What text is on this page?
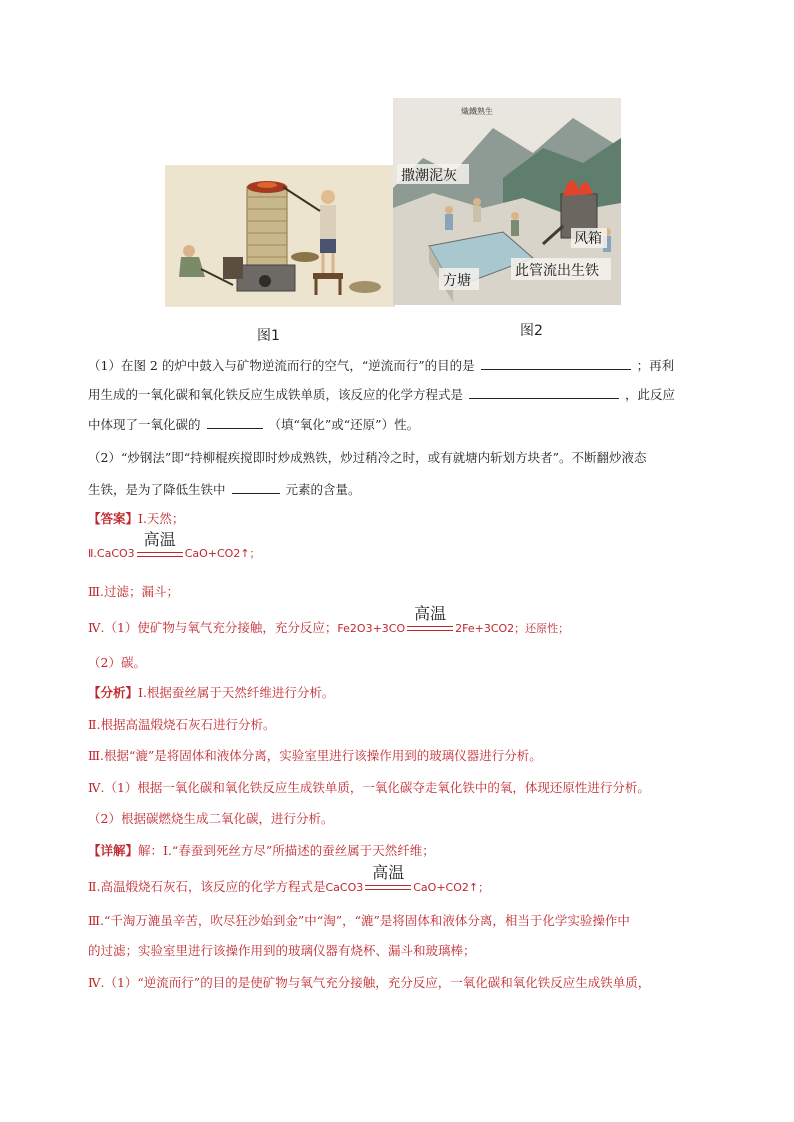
熾鐵熟生
撒潮泥灰
风箱
方塘
此管流出生铁
图1	图2
（1）在图 2 的炉中鼓入与矿物逆流而行的空气，“逆流而行”的目的是	；再利
用生成的一氧化碳和氧化铁反应生成铁单质，该反应的化学方程式是	，此反应
中体现了一氧化碳的	（填“氧化”或“还原”）性。
（2）“炒钢法”即“持柳棍疾搅即时炒成熟铁，炒过稍冷之时，或有就塘内斩划方块者”。不断翻炒液态
生铁，是为了降低生铁中	元素的含量。
【答案】Ⅰ.天然；
Ⅱ.CaCO3
高温
CaO+CO2↑；
Ⅲ.过滤；漏斗；
Ⅳ.（1）使矿物与氧气充分接触，充分反应；Fe2O3+3CO
高温
2Fe+3CO2；还原性；
（2）碳。
【分析】Ⅰ.根据蚕丝属于天然纤维进行分析。
Ⅱ.根据高温煅烧石灰石进行分析。
Ⅲ.根据“漉”是将固体和液体分离，实验室里进行该操作用到的玻璃仪器进行分析。
Ⅳ.（1）根据一氧化碳和氧化铁反应生成铁单质，一氧化碳夺走氧化铁中的氧，体现还原性进行分析。
（2）根据碳燃烧生成二氧化碳，进行分析。
【详解】解：Ⅰ.“春蚕到死丝方尽”所描述的蚕丝属于天然纤维；
Ⅱ.高温煅烧石灰石，该反应的化学方程式是CaCO3
高温
CaO+CO2↑；
Ⅲ.“千淘万漉虽辛苦，吹尽狂沙始到金”中“淘”，“漉”是将固体和液体分离，相当于化学实验操作中
的过滤；实验室里进行该操作用到的玻璃仪器有烧杯、漏斗和玻璃棒；
Ⅳ.（1）“逆流而行”的目的是使矿物与氧气充分接触，充分反应，一氧化碳和氧化铁反应生成铁单质，
